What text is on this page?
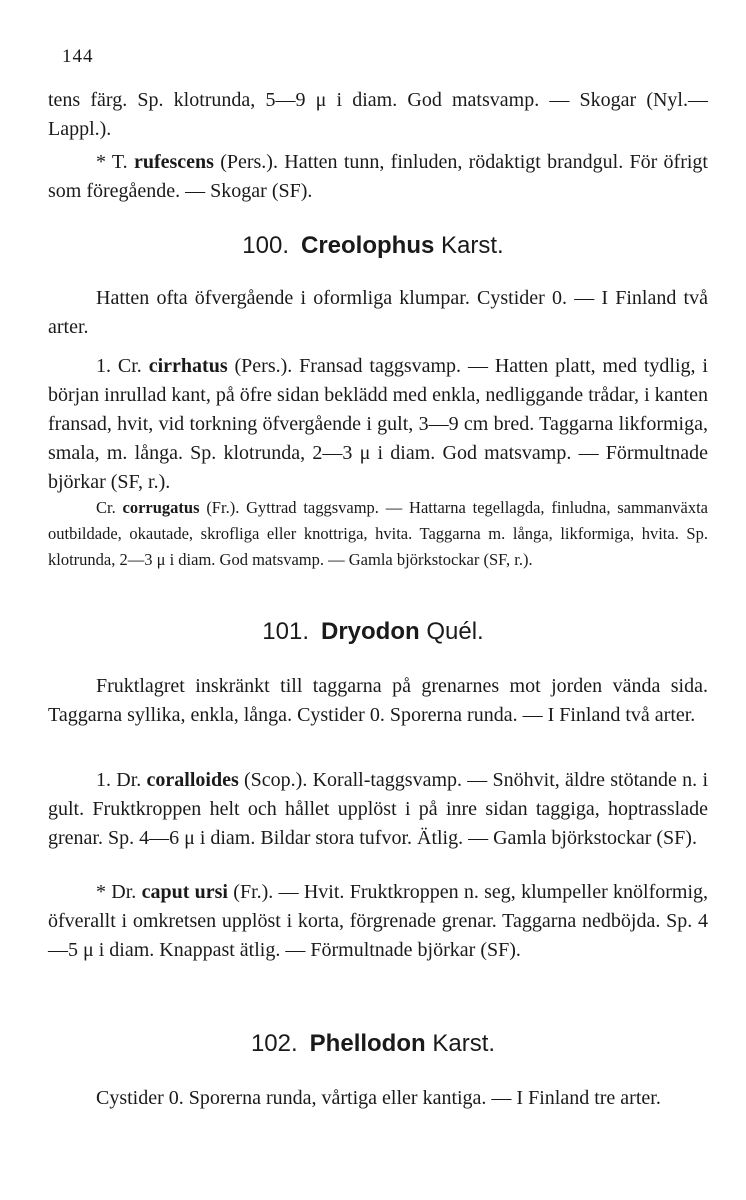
144
tens färg. Sp. klotrunda, 5—9 μ i diam. God matsvamp. — Skogar (Nyl.—Lappl.).
* T. rufescens (Pers.). Hatten tunn, finluden, rödaktigt brandgul. För öfrigt som föregående. — Skogar (SF).
100. Creolophus Karst.
Hatten ofta öfvergående i oformliga klumpar. Cystider 0. — I Finland två arter.
1. Cr. cirrhatus (Pers.). Fransad taggsvamp. — Hatten platt, med tydlig, i början inrullad kant, på öfre sidan beklädd med enkla, nedliggande trådar, i kanten fransad, hvit, vid torkning öfvergående i gult, 3—9 cm bred. Taggarna likformiga, smala, m. långa. Sp. klotrunda, 2—3 μ i diam. God matsvamp. — Förmultnade björkar (SF, r.).
Cr. corrugatus (Fr.). Gyttrad taggsvamp. — Hattarna tegellagda, finludna, sammanväxta outbildade, okautade, skrofliga eller knottriga, hvita. Taggarna m. långa, likformiga, hvita. Sp. klotrunda, 2—3 μ i diam. God matsvamp. — Gamla björkstockar (SF, r.).
101. Dryodon Quél.
Fruktlagret inskränkt till taggarna på grenarnes mot jorden vända sida. Taggarna syllika, enkla, långa. Cystider 0. Sporerna runda. — I Finland två arter.
1. Dr. coralloides (Scop.). Korall-taggsvamp. — Snöhvit, äldre stötande n. i gult. Fruktkroppen helt och hållet upplöst i på inre sidan taggiga, hoptrasslade grenar. Sp. 4—6 μ i diam. Bildar stora tufvor. Ätlig. — Gamla björkstockar (SF).
* Dr. caput ursi (Fr.). — Hvit. Fruktkroppen n. seg, klumpeller knölformig, öfverallt i omkretsen upplöst i korta, förgrenade grenar. Taggarna nedböjda. Sp. 4—5 μ i diam. Knappast ätlig. — Förmultnade björkar (SF).
102. Phellodon Karst.
Cystider 0. Sporerna runda, vårtiga eller kantiga. — I Finland tre arter.
